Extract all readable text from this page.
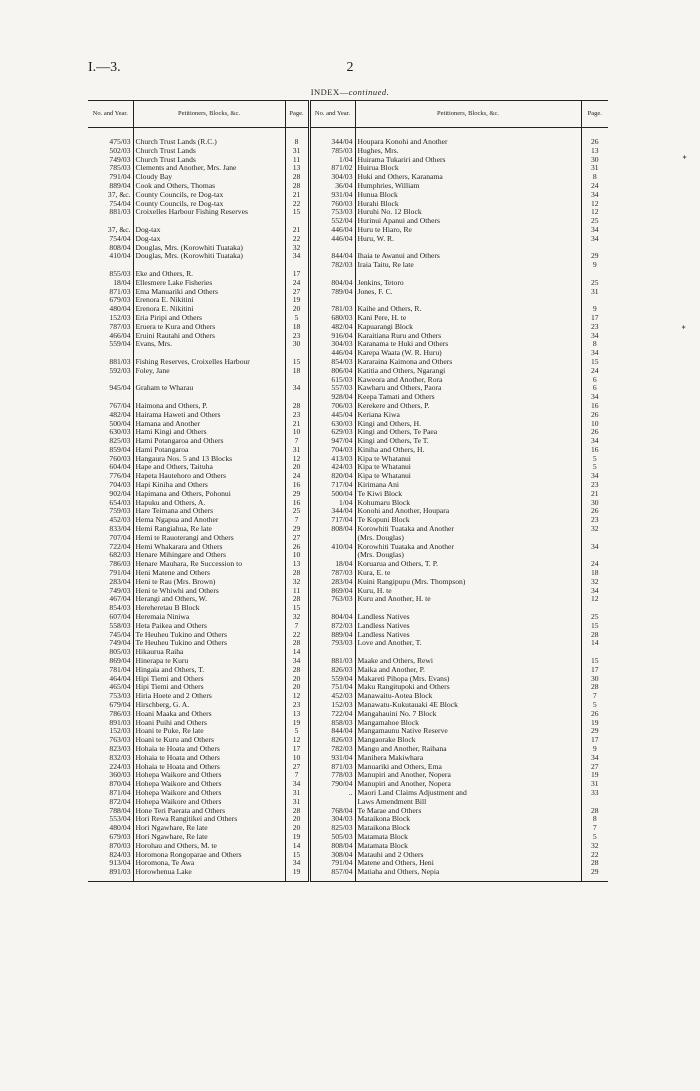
I.—3.	2
INDEX—continued.
ᐩ
ᐩ
No. and Year.	Petitioners, Blocks, &c.	Page.	No. and Year.	Petitioners, Blocks, &c.	Page.
475/03	Church Trust Lands (R.C.)	8	344/04	Houpara Konohi and Another	26
502/03	Church Trust Lands	31	785/03	Hughes, Mrs.	13
749/03	Church Trust Lands	11	1/04	Huirama Tukariri and Others	30
785/03	Clements and Another, Mrs. Jane	13	871/02	Huirua Block	31
791/04	Cloudy Bay	28	304/03	Huki and Others, Karanama	8
889/04	Cook and Others, Thomas	28	36/04	Humphries, William	24
37, &c.	County Councils, re Dog-tax	21	931/04	Hunua Block	34
754/04	County Councils, re Dog-tax	22	760/03	Hurahi Block	12
881/03	Croixelles Harbour Fishing Reserves	15	753/03	Huruhi No. 12 Block	12
			552/04	Hurinui Apanui and Others	25
37, &c.	Dog-tax	21	446/04	Huru te Hiaro, Re	34
754/04	Dog-tax	22	446/04	Huru, W. R.	34
808/04	Douglas, Mrs. (Korowhiti Tuataka)	32			
410/04	Douglas, Mrs. (Korowhiti Tuataka)	34	844/04	Ihaia te Awanui and Others	29
			782/03	Iraia Taitu, Re late	9
855/03	Eke and Others, R.	17			
18/04	Ellesmere Lake Fisheries	24	804/04	Jenkins, Tetoro	25
871/03	Ema Manuariki and Others	27	789/04	Jones, F. C.	31
679/03	Erenora E. Nikitini	19			
480/04	Erenora E. Nikitini	20	781/03	Kaihe and Others, R.	9
152/03	Eria Piripi and Others	5	680/03	Kani Pere, H. te	17
787/03	Eruera te Kura and Others	18	482/04	Kapuarangi Block	23
466/04	Eruini Rautahi and Others	23	916/04	Karaitiana Ruru and Others	34
559/04	Evans, Mrs.	30	304/03	Karanama te Huki and Others	8
			446/04	Karepa Waata (W. R. Huru)	34
881/03	Fishing Reserves, Croixelles Harbour	15	854/03	Kararaina Kaimona and Others	15
592/03	Foley, Jane	18	806/04	Katitia and Others, Ngarangi	24
			615/03	Kaweora and Another, Rora	6
945/04	Graham te Wharau	34	557/03	Kawharu and Others, Paora	6
			928/04	Keepa Tamati and Others	34
767/04	Haimona and Others, P.	28	706/03	Kerekere and Others, P.	16
482/04	Hairama Haweti and Others	23	445/04	Keriana Kiwa	26
500/04	Hamana and Another	21	630/03	Kingi and Others, H.	10
630/03	Hami Kingi and Others	10	629/03	Kingi and Others, Te Paea	26
825/03	Hami Potangaroa and Others	7	947/04	Kingi and Others, Te T.	34
859/04	Hami Potangaroa	31	704/03	Kiniha and Others, H.	16
760/03	Hangaura Nos. 5 and 13 Blocks	12	413/03	Kipa te Whatanui	5
604/04	Hape and Others, Taituha	20	424/03	Kipa te Whatanui	5
776/04	Hapeta Hautehoro and Others	24	820/04	Kipa te Whatanui	34
704/03	Hapi Kiniha and Others	16	717/04	Kirimana Ani	23
902/04	Hapimana and Others, Pohonui	29	500/04	Te Kiwi Block	21
654/03	Hapuku and Others, A.	16	1/04	Kohumaru Block	30
759/03	Hare Teimana and Others	25	344/04	Konohi and Another, Houpara	26
452/03	Hema Ngapua and Another	7	717/04	Te Kopuni Block	23
833/04	Hemi Rangiahua, Re late	29	808/04	Korowhiti Tuataka and Another	32
707/04	Hemi te Rauoterangi and Others	27		(Mrs. Douglas)	
722/04	Hemi Whakarara and Others	26	410/04	Korowhiti Tuataka and Another	34
682/03	Henare Mihingare and Others	10		(Mrs. Douglas)	
786/03	Henare Mauhara, Re Succession to	13	18/04	Koruarua and Others, T. P.	24
791/04	Heni Matene and Others	28	787/03	Kura, E. te	18
283/04	Heni te Rau (Mrs. Brown)	32	283/04	Kuini Rangipupu (Mrs. Thompson)	32
749/03	Heni te Whiwhi and Others	11	869/04	Kuru, H. te	34
467/04	Herangi and Others, W.	28	763/03	Kuru and Another, H. te	12
854/03	Hereheretau B Block	15			
607/04	Heremaia Niniwa	32	804/04	Landless Natives	25
558/03	Heta Paikea and Others	7	872/03	Landless Natives	15
745/04	Te Heuheu Tukino and Others	22	889/04	Landless Natives	28
749/04	Te Heuheu Tukino and Others	28	793/03	Love and Another, T.	14
805/03	Hikaurua Raiha	14			
869/04	Hinerapa te Kuru	34	881/03	Maake and Others, Rewi	15
781/04	Hingaia and Others, T.	28	826/03	Maika and Another, P.	17
464/04	Hipi Tiemi and Others	20	559/04	Makareti Pihopa (Mrs. Evans)	30
465/04	Hipi Tiemi and Others	20	751/04	Maku Rangitupoki and Others	28
753/03	Hiria Hoete and 2 Others	12	452/03	Manawaitu-Aotea Block	7
679/04	Hirschberg, G. A.	23	152/03	Manawatu-Kukutauaki 4E Block	5
786/03	Hoani Maaka and Others	13	722/04	Mangahauini No. 7 Block	26
891/03	Hoani Puihi and Others	19	858/03	Mangamahoe Block	19
152/03	Hoani te Puke, Re late	5	844/04	Mangamaunu Native Reserve	29
763/03	Hoani te Kuru and Others	12	826/03	Mangaorake Block	17
823/03	Hohaia te Hoata and Others	17	782/03	Mangu and Another, Raihana	9
832/03	Hohaia te Hoata and Others	10	931/04	Manihera Makiwhara	34
224/03	Hohaia te Hoata and Others	27	871/03	Manuariki and Others, Ema	27
360/03	Hohepa Waikore and Others	7	778/03	Manupiri and Another, Nopera	19
870/04	Hohepa Waikore and Others	34	790/04	Manupiri and Another, Nopera	31
871/04	Hohepa Waikore and Others	31	..	Maori Land Claims Adjustment and	33
872/04	Hohepa Waikore and Others	31		Laws Amendment Bill	
788/04	Hone Teri Paerata and Others	28	768/04	Te Marae and Others	28
553/04	Hori Rewa Rangitikei and Others	20	304/03	Mataikona Block	8
480/04	Hori Ngawhare, Re late	20	825/03	Mataikona Block	7
679/03	Hori Ngawhare, Re late	19	505/03	Matamata Block	5
870/03	Horohau and Others, M. te	14	808/04	Matamata Block	32
824/03	Horomona Rongoparae and Others	15	308/04	Matauhi and 2 Others	22
913/04	Horomona, Te Awa	34	791/04	Matene and Others, Heni	28
891/03	Horowhenua Lake	19	857/04	Matiaha and Others, Nepia	29
